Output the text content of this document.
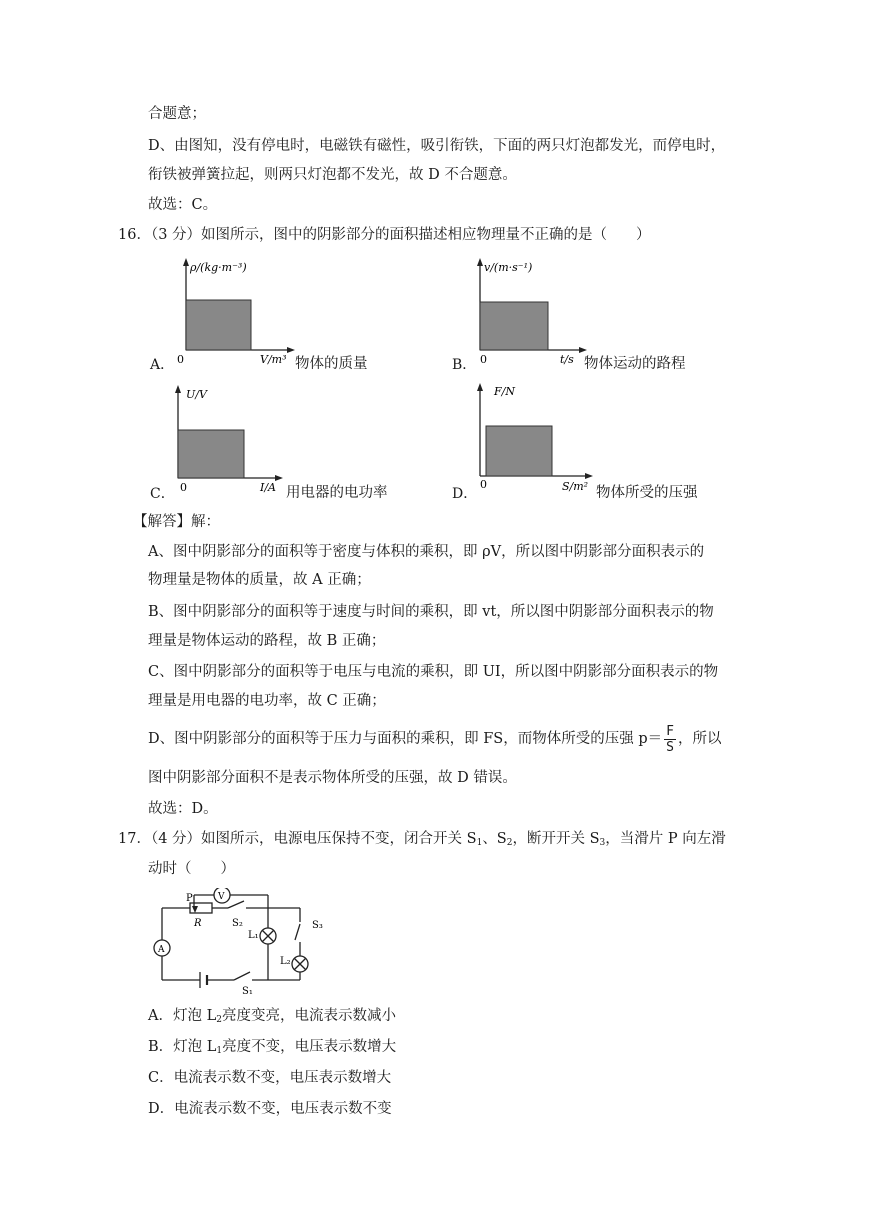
合题意；
D、由图知，没有停电时，电磁铁有磁性，吸引衔铁，下面的两只灯泡都发光，而停电时，
衔铁被弹簧拉起，则两只灯泡都不发光，故 D 不合题意。
故选：C。
16．（3 分）如图所示，图中的阴影部分的面积描述相应物理量不正确的是（　　）
A．
ρ/(kg·m⁻³)
0	V/m³ 物体的质量	B．
v/(m·s⁻¹)
0	t/s 物体运动的路程
C．
U/V
0	I/A 用电器的电功率	D．
F/N
0	S/m² 物体所受的压强
【解答】解：
A、图中阴影部分的面积等于密度与体积的乘积，即 ρV，所以图中阴影部分面积表示的
物理量是物体的质量，故 A 正确；
B、图中阴影部分的面积等于速度与时间的乘积，即 vt，所以图中阴影部分面积表示的物
理量是物体运动的路程，故 B 正确；
C、图中阴影部分的面积等于电压与电流的乘积，即 UI，所以图中阴影部分面积表示的物
理量是用电器的电功率，故 C 正确；
D、图中阴影部分的面积等于压力与面积的乘积，即 FS，而物体所受的压强 $p= \frac{F}{S}$ ，所以
图中阴影部分面积不是表示物体所受的压强，故 D 错误。
故选：D。
17．（4 分）如图所示，电源电压保持不变，闭合开关 $S_1$、$S_2$，断开开关 $S_3$，当滑片 P 向左滑
动时（　　）
P
R
V
A
S₂	S₃
L₁
L₂
S₁
A．灯泡 $L_2$亮度变亮，电流表示数减小
B．灯泡 $L_1$亮度不变，电压表示数增大
C．电流表示数不变，电压表示数增大
D．电流表示数不变，电压表示数不变
